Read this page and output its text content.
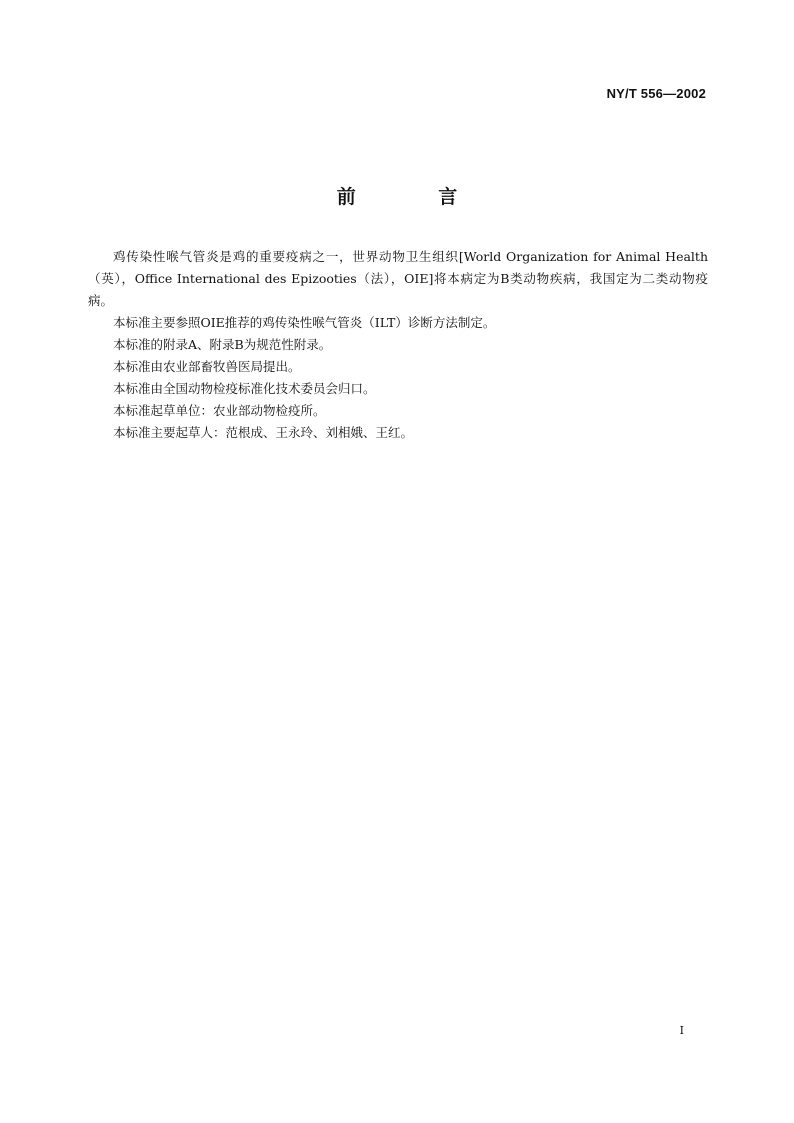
NY/T 556—2002
前 言

鸡传染性喉气管炎是鸡的重要疫病之一，世界动物卫生组织[World Organization for Animal Health（英），Office International des Epizooties（法），OIE]将本病定为B类动物疾病，我国定为二类动物疫病。

本标准主要参照OIE推荐的鸡传染性喉气管炎（ILT）诊断方法制定。

本标准的附录A、附录B为规范性附录。

本标准由农业部畜牧兽医局提出。

本标准由全国动物检疫标准化技术委员会归口。

本标准起草单位：农业部动物检疫所。

本标准主要起草人：范根成、王永玲、刘相娥、王红。

I
